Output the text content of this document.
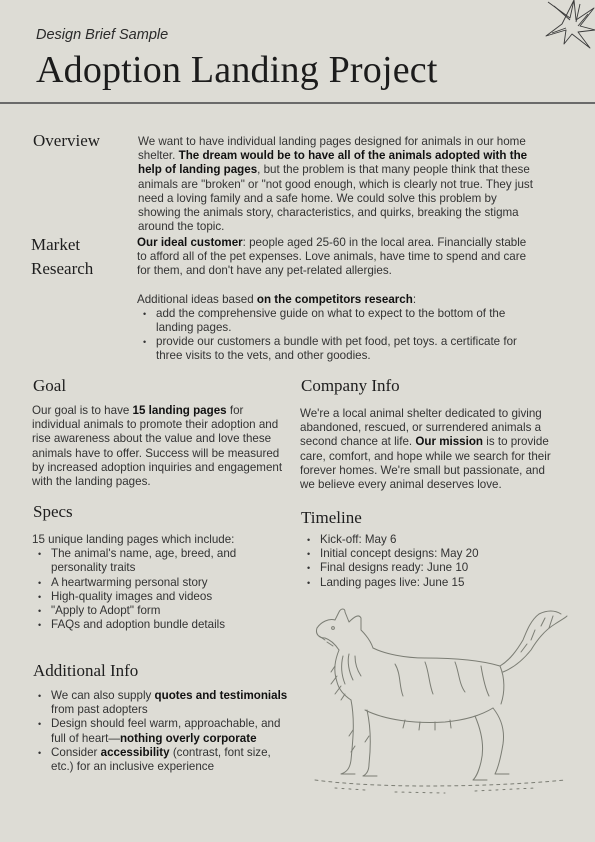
Design Brief Sample
Adoption Landing Project
Overview	We want to have individual landing pages designed for animals in our home shelter. The dream would be to have all of the animals adopted with the help of landing pages, but the problem is that many people think that these animals are "broken" or "not good enough, which is clearly not true. They just need a loving family and a safe home. We could solve this problem by showing the animals story, characteristics, and quirks, breaking the stigma around the topic.
Market
Research

Our ideal customer: people aged 25-60 in the local area. Financially stable to afford all of the pet expenses. Love animals, have time to spend and care for them, and don't have any pet-related allergies.

Additional ideas based on the competitors research:

• add the comprehensive guide on what to expect to the bottom of the landing pages.
• provide our customers a bundle with pet food, pet toys. a certificate for three visits to the vets, and other goodies.
Goal
Our goal is to have 15 landing pages for individual animals to promote their adoption and rise awareness about the value and love these animals have to offer. Success will be measured by increased adoption inquiries and engagement with the landing pages.
Company Info
We're a local animal shelter dedicated to giving abandoned, rescued, or surrendered animals a second chance at life. Our mission is to provide care, comfort, and hope while we search for their forever homes. We're small but passionate, and we believe every animal deserves love.
Specs

15 unique landing pages which include:

• The animal's name, age, breed, and personality traits
• A heartwarming personal story
• High-quality images and videos
• "Apply to Adopt" form
• FAQs and adoption bundle details
Timeline
• Kick-off: May 6
• Initial concept designs: May 20
• Final designs ready: June 10
• Landing pages live: June 15
Additional Info
• We can also supply quotes and testimonials from past adopters
• Design should feel warm, approachable, and full of heart—nothing overly corporate
• Consider accessibility (contrast, font size, etc.) for an inclusive experience
